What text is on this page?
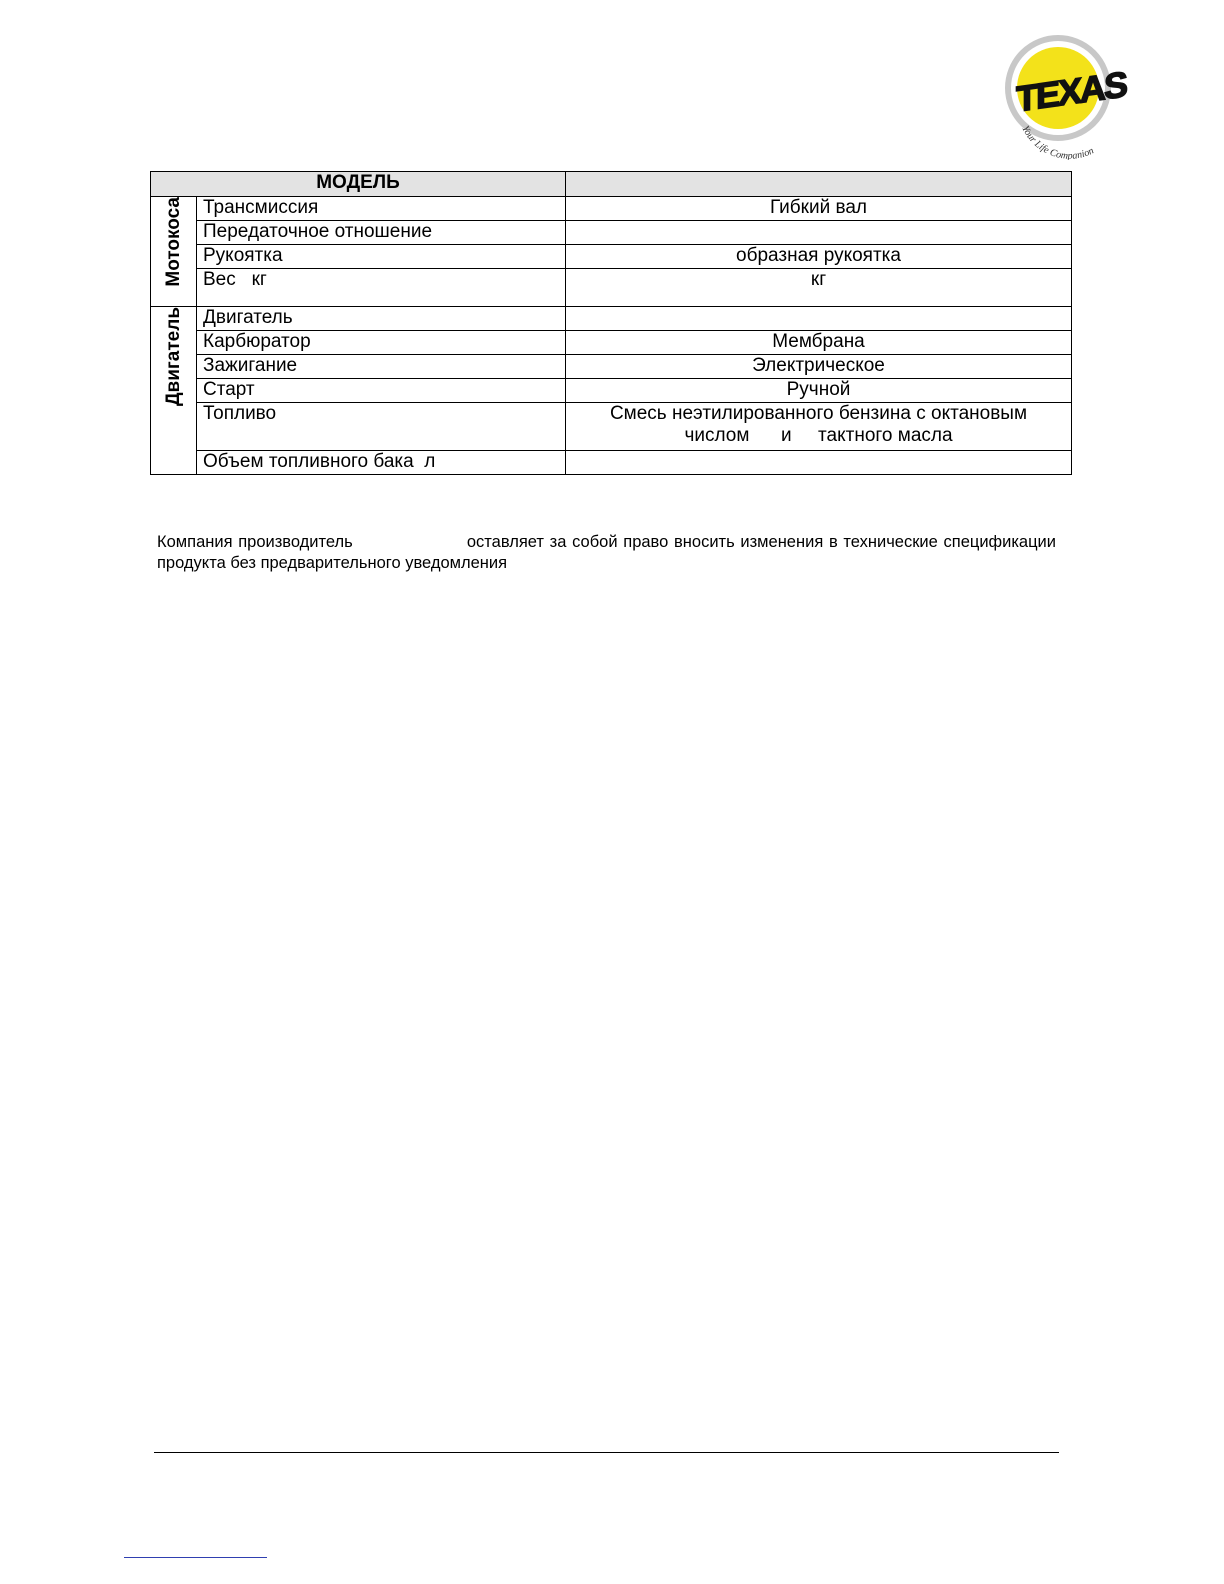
TEXAS
Your Life Companion
МОДЕЛЬ		

Мотокоса	Трансмиссия	Гибкий вал
	Передаточное отношение	
	Рукоятка	образная рукоятка
	Вес   кг	кг

Двигатель	Двигатель	
	Карбюратор	Мембрана
	Зажигание	Электрическое
	Старт	Ручной
	Топливо	Смесь неэтилированного бензина с октановым числом      и     тактного масла
	Объем топливного бака  л	

Компания производитель                    оставляет за собой право вносить изменения в технические спецификации продукта без предварительного уведомления
